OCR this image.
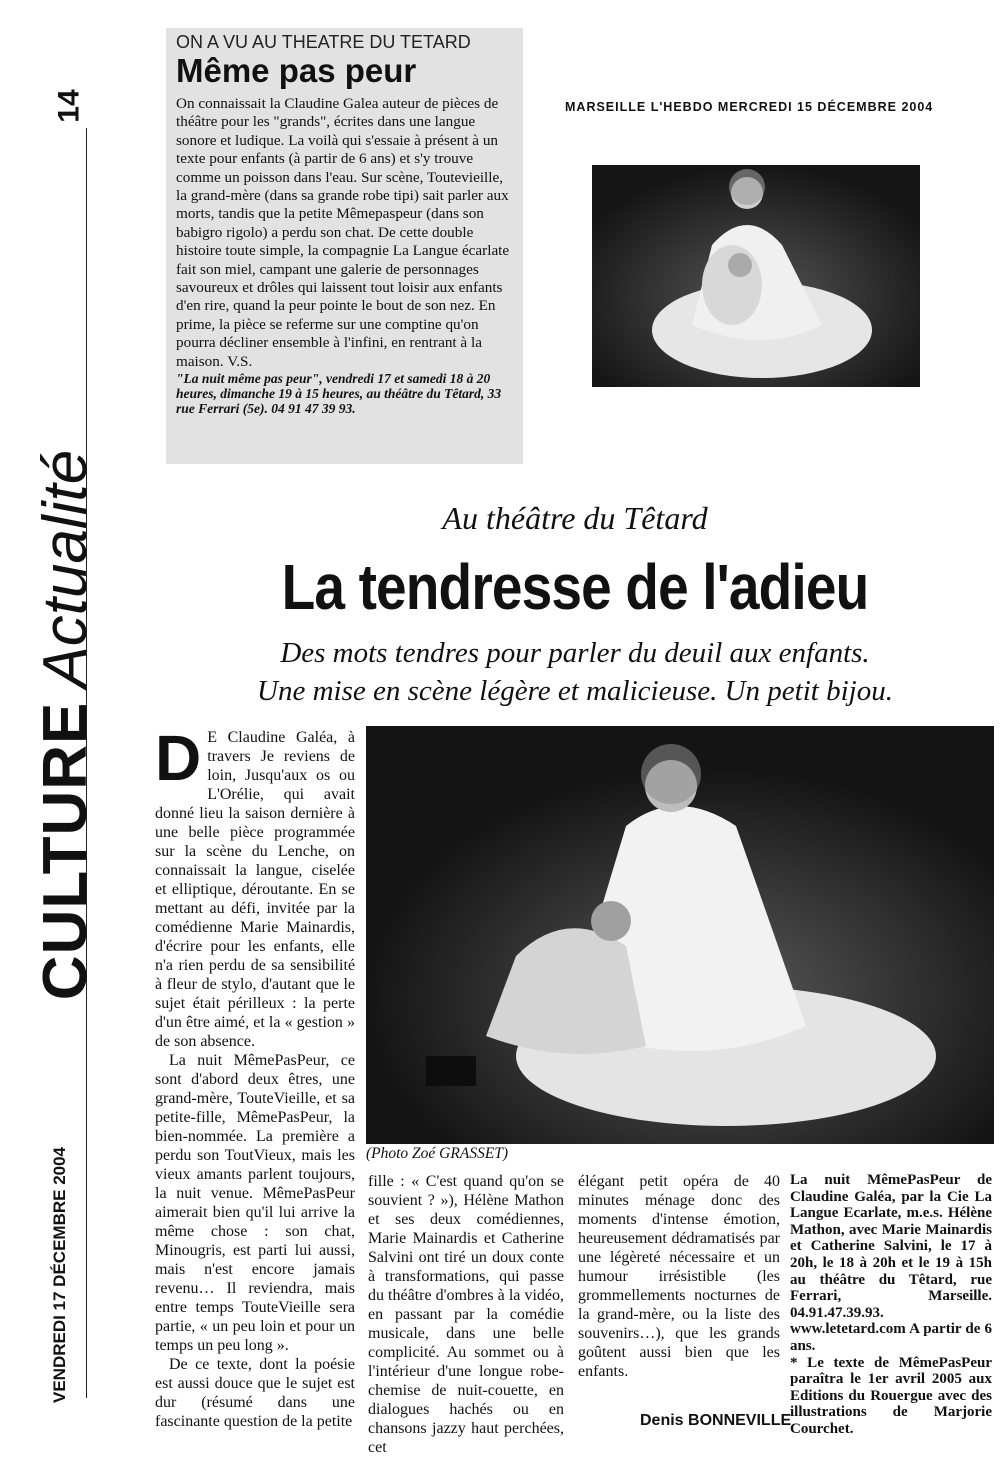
14
CULTURE
Actualité
VENDREDI 17 DÉCEMBRE 2004
ON A VU AU THEATRE DU TETARD
Même pas peur
On connaissait la Claudine Galea auteur de pièces de théâtre pour les "grands", écrites dans une langue sonore et ludique. La voilà qui s'essaie à présent à un texte pour enfants (à partir de 6 ans) et s'y trouve comme un poisson dans l'eau. Sur scène, Toutevieille, la grand-mère (dans sa grande robe tipi) sait parler aux morts, tandis que la petite Mêmepaspeur (dans son babigro rigolo) a perdu son chat. De cette double histoire toute simple, la compagnie La Langue écarlate fait son miel, campant une galerie de personnages savoureux et drôles qui laissent tout loisir aux enfants d'en rire, quand la peur pointe le bout de son nez. En prime, la pièce se referme sur une comptine qu'on pourra décliner ensemble à l'infini, en rentrant à la maison. V.S.
"La nuit même pas peur", vendredi 17 et samedi 18 à 20 heures, dimanche 19 à 15 heures, au théâtre du Têtard, 33 rue Ferrari (5e). 04 91 47 39 93.
MARSEILLE L'HEBDO MERCREDI 15 DÉCEMBRE 2004
Au théâtre du Têtard
La tendresse de l'adieu
Des mots tendres pour parler du deuil aux enfants.
Une mise en scène légère et malicieuse. Un petit bijou.
(Photo Zoé GRASSET)

D E Claudine Galéa, à travers Je reviens de loin, Jusqu'aux os ou L'Orélie, qui avait donné lieu la saison dernière à une belle pièce programmée sur la scène du Lenche, on connaissait la langue, ciselée et elliptique, déroutante. En se mettant au défi, invitée par la comédienne Marie Mainardis, d'écrire pour les enfants, elle n'a rien perdu de sa sensibilité à fleur de stylo, d'autant que le sujet était périlleux : la perte d'un être aimé, et la « gestion » de son absence.

La nuit MêmePasPeur, ce sont d'abord deux êtres, une grand-mère, ToutеVieille, et sa petite-fille, MêmePasPeur, la bien-nommée. La première a perdu son ToutVieux, mais les vieux amants parlent toujours, la nuit venue. MêmePasPeur aimerait bien qu'il lui arrive la même chose : son chat, Minougris, est parti lui aussi, mais n'est encore jamais revenu… Il reviendra, mais entre temps ToutеVieille sera partie, « un peu loin et pour un temps un peu long ».

De ce texte, dont la poésie est aussi douce que le sujet est dur (résumé dans une fascinante question de la petite

fille : « C'est quand qu'on se souvient ? »), Hélène Mathon et ses deux comédiennes, Marie Mainardis et Catherine Salvini ont tiré un doux conte à transformations, qui passe du théâtre d'ombres à la vidéo, en passant par la comédie musicale, dans une belle complicité. Au sommet ou à l'intérieur d'une longue robe-chemise de nuit-couette, en dialogues hachés ou en chansons jazzy haut perchées, cet

élégant petit opéra de 40 minutes ménage donc des moments d'intense émotion, heureusement dédramatisés par une légèreté nécessaire et un humour irrésistible (les grommellements nocturnes de la grand-mère, ou la liste des souvenirs…), que les grands goûtent aussi bien que les enfants.

Denis BONNEVILLE

La nuit MêmePasPeur de Claudine Galéa, par la Cie La Langue Ecarlate, m.e.s. Hélène Mathon, avec Marie Mainardis et Catherine Salvini, le 17 à 20h, le 18 à 20h et le 19 à 15h au théâtre du Têtard, rue Ferrari, Marseille. 04.91.47.39.93. www.letetard.com A partir de 6 ans.

* Le texte de MêmePasPeur paraîtra le 1er avril 2005 aux Editions du Rouergue avec des illustrations de Marjorie Courchet.
